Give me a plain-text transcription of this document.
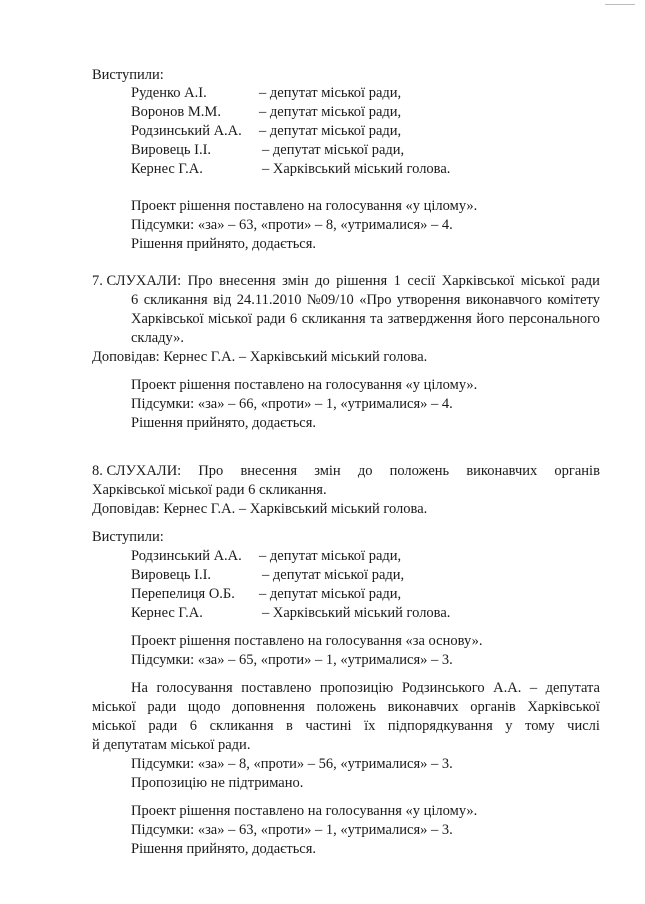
Виступили:
Руденко А.І.	– депутат міської ради,
Воронов М.М.	– депутат міської ради,
Родзинський А.А. – депутат міської ради,
Вировець І.І.	– депутат міської ради,
Кернес Г.А.	– Харківський міський голова.
Проект рішення поставлено на голосування «у цілому».
Підсумки: «за» – 63, «проти» – 8, «утрималися» – 4.
Рішення прийнято, додається.
7. СЛУХАЛИ: Про внесення змін до рішення 1 сесії Харківської міської ради
6 скликання від 24.11.2010 №09/10 «Про утворення виконавчого комітету
Харківської міської ради 6 скликання та затвердження його персонального
складу».
Доповідав: Кернес Г.А. – Харківський міський голова.
Проект рішення поставлено на голосування «у цілому».
Підсумки: «за» – 66, «проти» – 1, «утрималися» – 4.
Рішення прийнято, додається.
8. СЛУХАЛИ: Про внесення змін до положень виконавчих органів
Харківської міської ради 6 скликання.
Доповідав: Кернес Г.А. – Харківський міський голова.
Виступили:
Родзинський А.А. – депутат міської ради,
Вировець І.І.	– депутат міської ради,
Перепелиця О.Б. – депутат міської ради,
Кернес Г.А.	– Харківський міський голова.
Проект рішення поставлено на голосування «за основу».
Підсумки: «за» – 65, «проти» – 1, «утрималися» – 3.
На голосування поставлено пропозицію Родзинського А.А. – депутата
міської ради щодо доповнення положень виконавчих органів Харківської
міської ради 6 скликання в частині їх підпорядкування у тому числі
й депутатам міської ради.
Підсумки: «за» – 8, «проти» – 56, «утрималися» – 3.
Пропозицію не підтримано.
Проект рішення поставлено на голосування «у цілому».
Підсумки: «за» – 63, «проти» – 1, «утрималися» – 3.
Рішення прийнято, додається.
